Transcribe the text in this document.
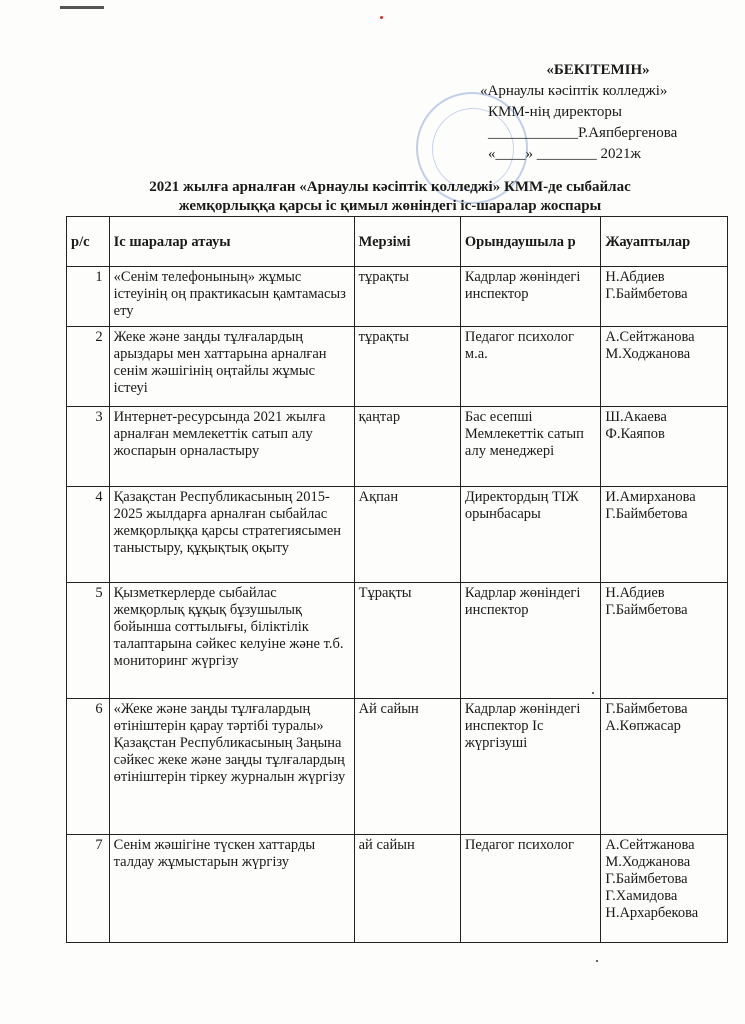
«БЕКІТЕМІН»
«Арнаулы кәсіптік колледжі»
КММ-нің директоры
____________Р.Аяпбергенова
«____» ________ 2021ж
2021 жылға арналған «Арнаулы кәсіптік колледжі» КММ-де сыбайлас
жемқорлыққа қарсы іс қимыл жөніндегі іс-шаралар жоспары
р/с	Іс шаралар атауы	Мерзімі	Орындаушыла р	Жауаптылар
1	«Сенім телефонының» жұмыс істеуінің оң практикасын қамтамасыз ету	тұрақты	Кадрлар жөніндегі инспектор	Н.Абдиев
Г.Баймбетова

2	Жеке және заңды тұлғалардың арыздары мен хаттарына арналған сенім жәшігінің оңтайлы жұмыс істеуі	тұрақты	Педагог психолог м.а.	А.Сейтжанова
М.Ходжанова

3	Интернет-ресурсында 2021 жылға арналған мемлекеттік сатып алу жоспарын орналастыру	қаңтар	Бас есепші Мемлекеттік сатып алу менеджері	Ш.Акаева
Ф.Каяпов

4	Қазақстан Республикасының 2015-2025 жылдарға арналған сыбайлас жемқорлыққа қарсы стратегиясымен таныстыру, құқықтық оқыту	Ақпан	Директордың ТІЖ орынбасары	И.Амирханова
Г.Баймбетова

5	Қызметкерлерде сыбайлас жемқорлық құқық бұзушылық бойынша соттылығы, біліктілік талаптарына сәйкес келуіне және т.б. мониторинг жүргізу	Тұрақты	Кадрлар жөніндегі инспектор	Н.Абдиев
Г.Баймбетова

6	«Жеке және заңды тұлғалардың өтініштерін қарау тәртібі туралы» Қазақстан Республикасының Заңына сәйкес жеке және заңды тұлғалардың өтініштерін тіркеу журналын жүргізу	Ай сайын	Кадрлар жөніндегі инспектор Іс жүргізуші	Г.Баймбетова
А.Көпжасар

7	Сенім жәшігіне түскен хаттарды талдау жұмыстарын жүргізу	ай сайын	Педагог психолог	А.Сейтжанова
М.Ходжанова
Г.Баймбетова
Г.Хамидова
Н.Архарбекова
